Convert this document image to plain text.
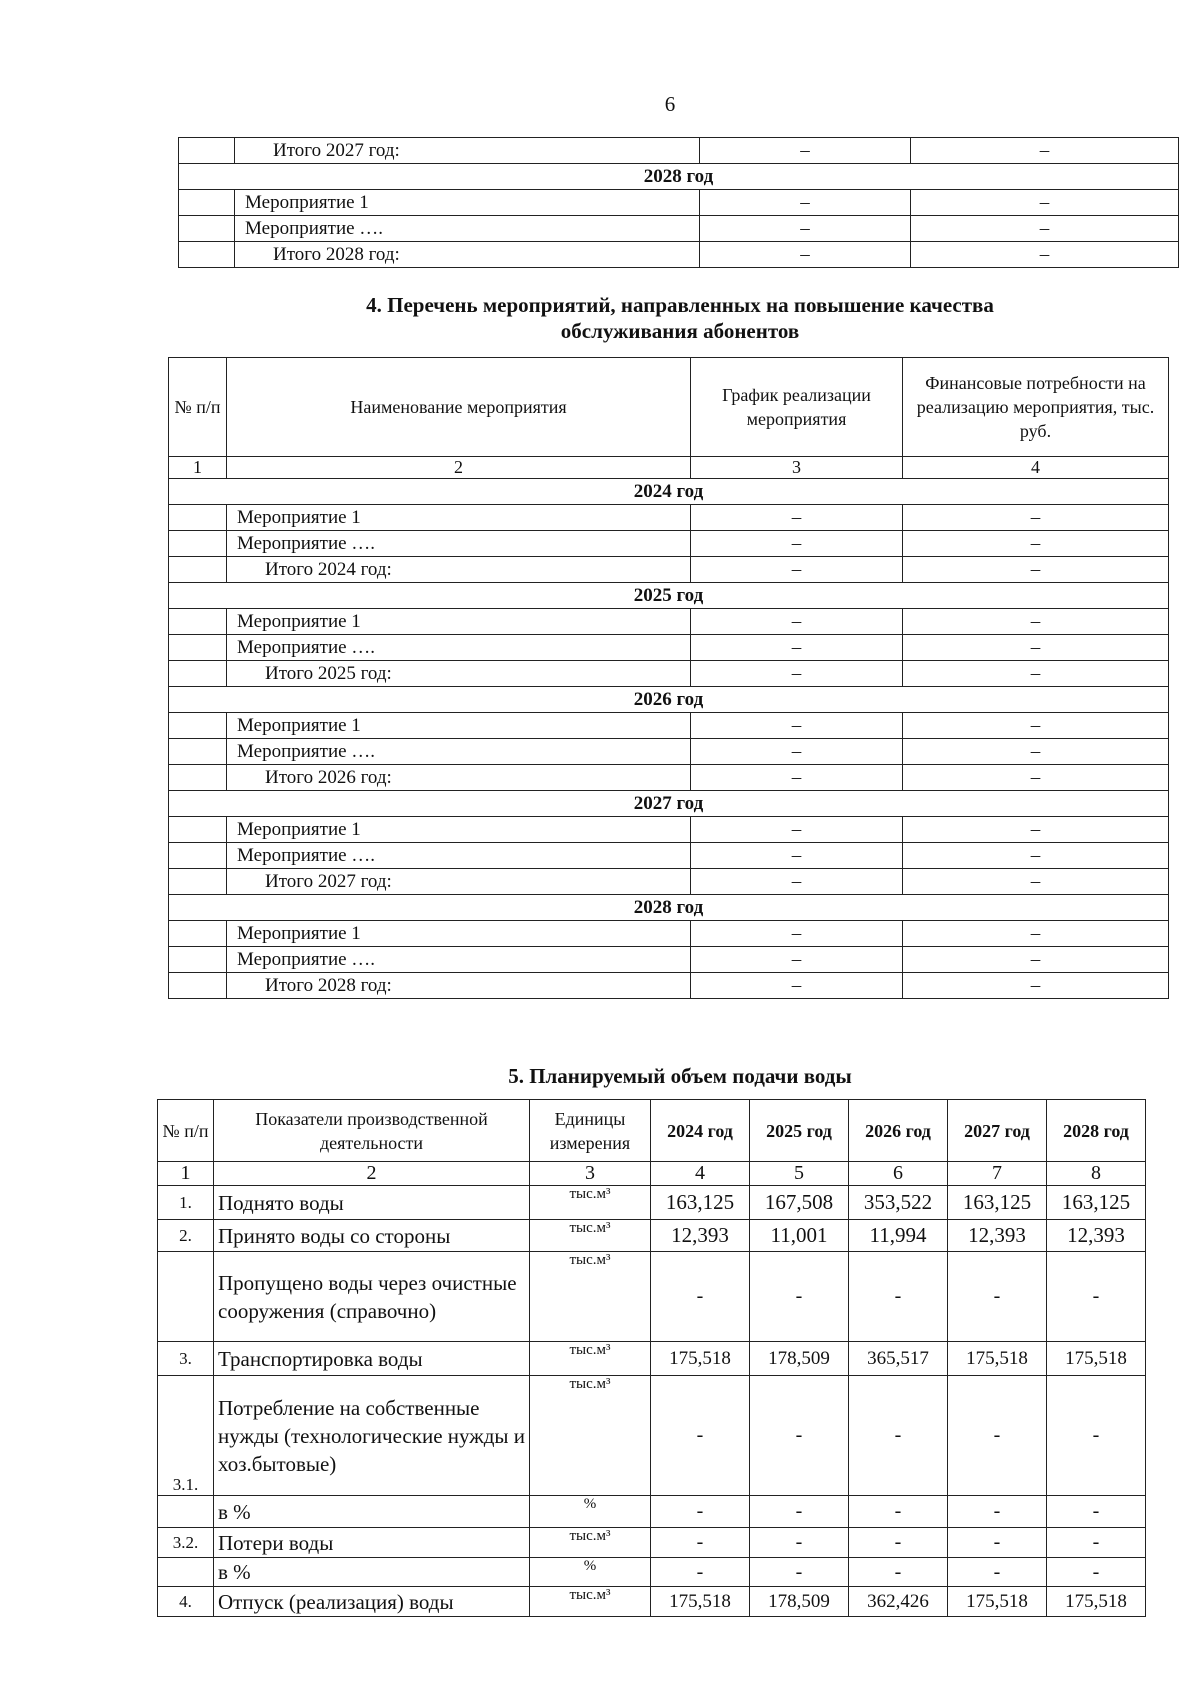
6
	Итого 2027 год:	–	–
2028 год			
	Мероприятие 1	–	–
	Мероприятие ….	–	–
	Итого 2028 год:	–	–
4. Перечень мероприятий, направленных на повышение качества
обслуживания абонентов
№ п/п	Наименование мероприятия	График реализации мероприятия	Финансовые потребности на реализацию мероприятия, тыс. руб.
1	2	3	4
2024 год			
	Мероприятие 1	–	–
	Мероприятие ….	–	–
	Итого 2024 год:	–	–
2025 год			
	Мероприятие 1	–	–
	Мероприятие ….	–	–
	Итого 2025 год:	–	–
2026 год			
	Мероприятие 1	–	–
	Мероприятие ….	–	–
	Итого 2026 год:	–	–
2027 год			
	Мероприятие 1	–	–
	Мероприятие ….	–	–
	Итого 2027 год:	–	–
2028 год			
	Мероприятие 1	–	–
	Мероприятие ….	–	–
	Итого 2028 год:	–	–
5. Планируемый объем подачи воды
№ п/п	Показатели производственной деятельности	Единицы измерения	2024 год	2025 год	2026 год	2027 год	2028 год
1	2	3	4	5	6	7	8
1.	Поднято воды	тыс.м³	163,125	167,508	353,522	163,125	163,125
2.	Принято воды со стороны	тыс.м³	12,393	11,001	11,994	12,393	12,393
	Пропущено воды через очистные сооружения (справочно)	тыс.м³	-	-	-	-	-
3.	Транспортировка воды	тыс.м³	175,518	178,509	365,517	175,518	175,518
3.1.	Потребление на собственные нужды (технологические нужды и хоз.бытовые)	тыс.м³	-	-	-	-	-
	в %	%	-	-	-	-	-
3.2.	Потери воды	тыс.м³	-	-	-	-	-
	в %	%	-	-	-	-	-
4.	Отпуск (реализация) воды	тыс.м³	175,518	178,509	362,426	175,518	175,518
